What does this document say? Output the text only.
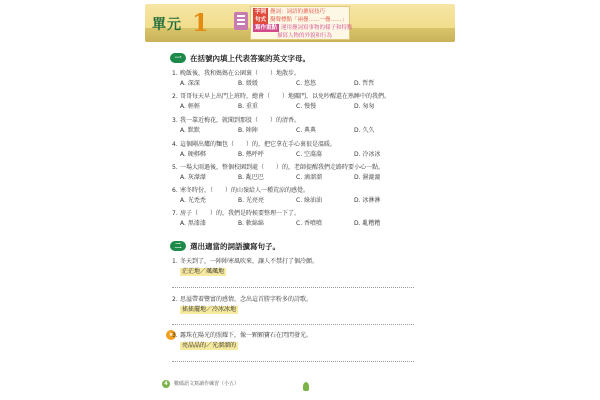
單元 1	字詞 疊詞：詞語的擴展技巧
句式 擬聲標點「兩疊……一疊……」
寫作重點 運用疊詞寫事物的樣子和特點
描寫人物的外貌和行為
一	在括號內填上代表答案的英文字母。
1. 晚飯後，我和媽媽在公園裏（　　）地散步。
A. 深深	B. 緩緩	C. 悠悠	D. 哲哲
2. 哥哥每天早上出門上班時，總會（　　）地關門，以免吵醒還在熟睡中的我們。
A. 輕輕	B. 重重	C. 慢慢	D. 匆匆
3. 我一靠近梅花，就聞到那股（　　）的清香。
A. 默默	B. 陣陣	C. 典典	D. 久久
4. 這個剛出爐的麵包（　　）的，把它拿在手心裏很是溫暖。
A. 硬梆梆	B. 熱呼呼	C. 空蕩蕩	D. 冷冰冰
5. 一場大雨過後，整個校園到處（　　）的，老師提醒我們走路時要小心一點。
A. 灰濛濛	B. 亂巴巴	C. 滴溜溜	D. 濕漉漉
6. 寒冬時份，（　　）的山嶺給人一種荒涼的感覺。
A. 光禿禿	B. 光亮亮	C. 綠油油	D. 冰淋淋
7. 房子（　　）的，我們是時候要整理一下了。
A. 黑漆漆	B. 軟綿綿	C. 香噴噴	D. 亂糟糟
二	選出適當的詞語擴寫句子。
1. 冬天到了，一陣陣寒風吹來，讓人不禁打了個冷顫。
茫茫地／颯颯地
2. 思溢帶着豐富的感情，念出這首勝字粉多的詩歌。
搖搖擺地／冷冰冰地
★
3. 露珠在陽光的照耀下，像一顆顆寶石在閃閃發光。
亮晶晶的／光溜溜的
4 數碼語文寫讀作練習（小五）
